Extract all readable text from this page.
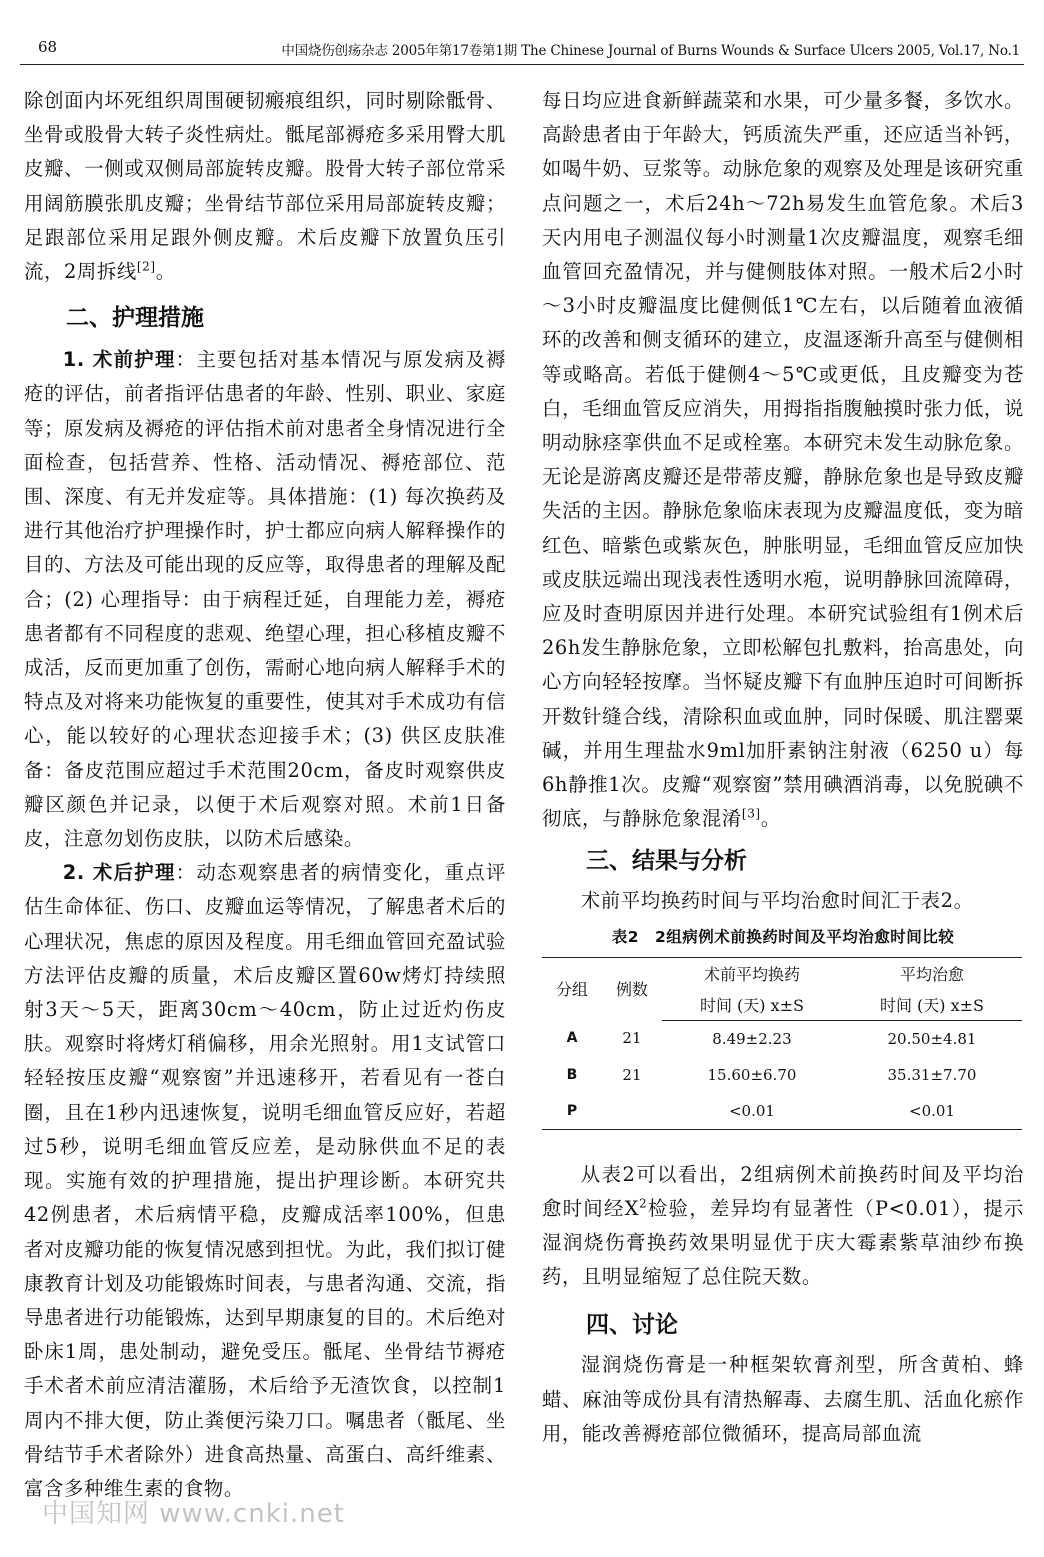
68	中国烧伤创疡杂志 2005年第17卷第1期 The Chinese Journal of Burns Wounds & Surface Ulcers 2005, Vol.17, No.1

除创面内坏死组织周围硬韧瘢痕组织，同时剔除骶骨、坐骨或股骨大转子炎性病灶。骶尾部褥疮多采用臀大肌皮瓣、一侧或双侧局部旋转皮瓣。股骨大转子部位常采用阔筋膜张肌皮瓣；坐骨结节部位采用局部旋转皮瓣；足跟部位采用足跟外侧皮瓣。术后皮瓣下放置负压引流，2周拆线[2]。

二、护理措施

1. 术前护理：主要包括对基本情况与原发病及褥疮的评估，前者指评估患者的年龄、性别、职业、家庭等；原发病及褥疮的评估指术前对患者全身情况进行全面检查，包括营养、性格、活动情况、褥疮部位、范围、深度、有无并发症等。具体措施：(1) 每次换药及进行其他治疗护理操作时，护士都应向病人解释操作的目的、方法及可能出现的反应等，取得患者的理解及配合；(2) 心理指导：由于病程迁延，自理能力差，褥疮患者都有不同程度的悲观、绝望心理，担心移植皮瓣不成活，反而更加重了创伤，需耐心地向病人解释手术的特点及对将来功能恢复的重要性，使其对手术成功有信心，能以较好的心理状态迎接手术；(3) 供区皮肤准备：备皮范围应超过手术范围20cm，备皮时观察供皮瓣区颜色并记录，以便于术后观察对照。术前1日备皮，注意勿划伤皮肤，以防术后感染。

2. 术后护理：动态观察患者的病情变化，重点评估生命体征、伤口、皮瓣血运等情况，了解患者术后的心理状况，焦虑的原因及程度。用毛细血管回充盈试验方法评估皮瓣的质量，术后皮瓣区置60w烤灯持续照射3天～5天，距离30cm～40cm，防止过近灼伤皮肤。观察时将烤灯稍偏移，用余光照射。用1支试管口轻轻按压皮瓣“观察窗”并迅速移开，若看见有一苍白圈，且在1秒内迅速恢复，说明毛细血管反应好，若超过5秒，说明毛细血管反应差，是动脉供血不足的表现。实施有效的护理措施，提出护理诊断。本研究共42例患者，术后病情平稳，皮瓣成活率100%，但患者对皮瓣功能的恢复情况感到担忧。为此，我们拟订健康教育计划及功能锻炼时间表，与患者沟通、交流，指导患者进行功能锻炼，达到早期康复的目的。术后绝对卧床1周，患处制动，避免受压。骶尾、坐骨结节褥疮手术者术前应清洁灌肠，术后给予无渣饮食，以控制1周内不排大便，防止粪便污染刀口。嘱患者（骶尾、坐骨结节手术者除外）进食高热量、高蛋白、高纤维素、富含多种维生素的食物。

每日均应进食新鲜蔬菜和水果，可少量多餐，多饮水。高龄患者由于年龄大，钙质流失严重，还应适当补钙，如喝牛奶、豆浆等。动脉危象的观察及处理是该研究重点问题之一，术后24h～72h易发生血管危象。术后3天内用电子测温仪每小时测量1次皮瓣温度，观察毛细血管回充盈情况，并与健侧肢体对照。一般术后2小时～3小时皮瓣温度比健侧低1℃左右，以后随着血液循环的改善和侧支循环的建立，皮温逐渐升高至与健侧相等或略高。若低于健侧4～5℃或更低，且皮瓣变为苍白，毛细血管反应消失，用拇指指腹触摸时张力低，说明动脉痉挛供血不足或栓塞。本研究未发生动脉危象。无论是游离皮瓣还是带蒂皮瓣，静脉危象也是导致皮瓣失活的主因。静脉危象临床表现为皮瓣温度低，变为暗红色、暗紫色或紫灰色，肿胀明显，毛细血管反应加快或皮肤远端出现浅表性透明水疱，说明静脉回流障碍，应及时查明原因并进行处理。本研究试验组有1例术后26h发生静脉危象，立即松解包扎敷料，抬高患处，向心方向轻轻按摩。当怀疑皮瓣下有血肿压迫时可间断拆开数针缝合线，清除积血或血肿，同时保暖、肌注罂粟碱，并用生理盐水9ml加肝素钠注射液（6250 u）每6h静推1次。皮瓣“观察窗”禁用碘酒消毒，以免脱碘不彻底，与静脉危象混淆[3]。

三、结果与分析

术前平均换药时间与平均治愈时间汇于表2。

表2　2组病例术前换药时间及平均治愈时间比较
分组	例数	术前平均换药	平均治愈
		时间 (天) x±S	时间 (天) x±S
A	21	8.49±2.23	20.50±4.81
B	21	15.60±6.70	35.31±7.70
P		<0.01	<0.01

从表2可以看出，2组病例术前换药时间及平均治愈时间经$X^2$检验，差异均有显著性（P<0.01），提示湿润烧伤膏换药效果明显优于庆大霉素紫草油纱布换药，且明显缩短了总住院天数。

四、讨论

湿润烧伤膏是一种框架软膏剂型，所含黄柏、蜂蜡、麻油等成份具有清热解毒、去腐生肌、活血化瘀作用，能改善褥疮部位微循环，提高局部血流

中国知网 www.cnki.net
